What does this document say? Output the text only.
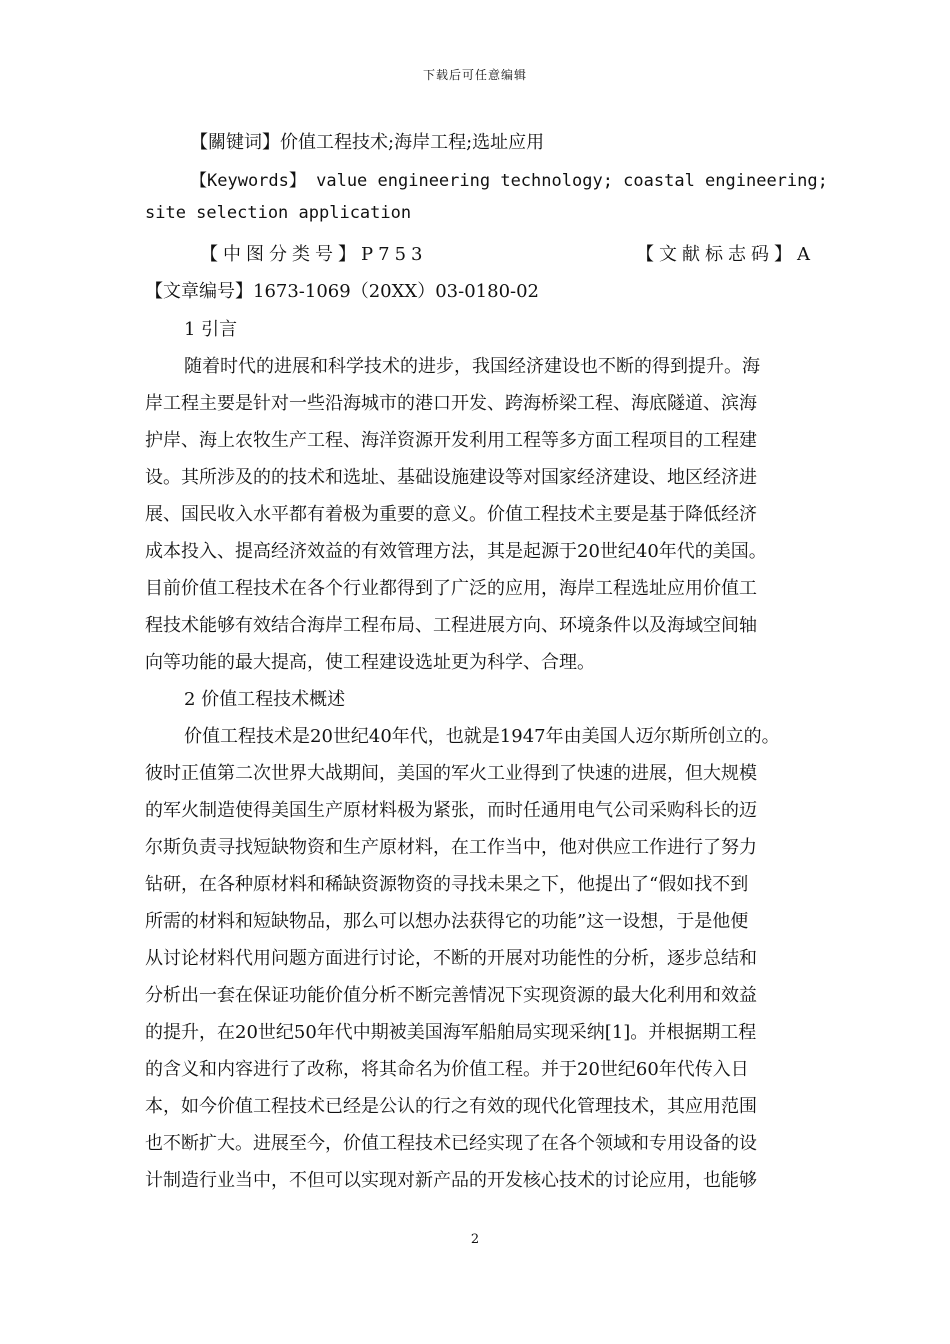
下载后可任意编辑
【關键词】价值工程技术;海岸工程;选址应用
【Keywords】 value engineering technology; coastal engineering;
site selection application
【中图分类号】P753	【文献标志码】A
【文章编号】1673-1069（20XX）03-0180-02
1 引言
随着时代的进展和科学技术的进步，我国经济建设也不断的得到提升。海
岸工程主要是针对一些沿海城市的港口开发、跨海桥梁工程、海底隧道、滨海
护岸、海上农牧生产工程、海洋资源开发利用工程等多方面工程项目的工程建
设。其所涉及的的技术和选址、基础设施建设等对国家经济建设、地区经济进
展、国民收入水平都有着极为重要的意义。价值工程技术主要是基于降低经济
成本投入、提高经济效益的有效管理方法，其是起源于20世纪40年代的美国。
目前价值工程技术在各个行业都得到了广泛的应用，海岸工程选址应用价值工
程技术能够有效结合海岸工程布局、工程进展方向、环境条件以及海域空间轴
向等功能的最大提高，使工程建设选址更为科学、合理。
2 价值工程技术概述
价值工程技术是20世纪40年代，也就是1947年由美国人迈尔斯所创立的。
彼时正值第二次世界大战期间，美国的军火工业得到了快速的进展，但大规模
的军火制造使得美国生产原材料极为紧张，而时任通用电气公司采购科长的迈
尔斯负责寻找短缺物资和生产原材料，在工作当中，他对供应工作进行了努力
钻研，在各种原材料和稀缺资源物资的寻找未果之下，他提出了“假如找不到
所需的材料和短缺物品，那么可以想办法获得它的功能”这一设想，于是他便
从讨论材料代用问题方面进行讨论，不断的开展对功能性的分析，逐步总结和
分析出一套在保证功能价值分析不断完善情况下实现资源的最大化利用和效益
的提升，在20世纪50年代中期被美国海军船舶局实现采纳[1]。并根据期工程
的含义和内容进行了改称，将其命名为价值工程。并于20世纪60年代传入日
本，如今价值工程技术已经是公认的行之有效的现代化管理技术，其应用范围
也不断扩大。进展至今，价值工程技术已经实现了在各个领域和专用设备的设
计制造行业当中，不但可以实现对新产品的开发核心技术的讨论应用，也能够
2
